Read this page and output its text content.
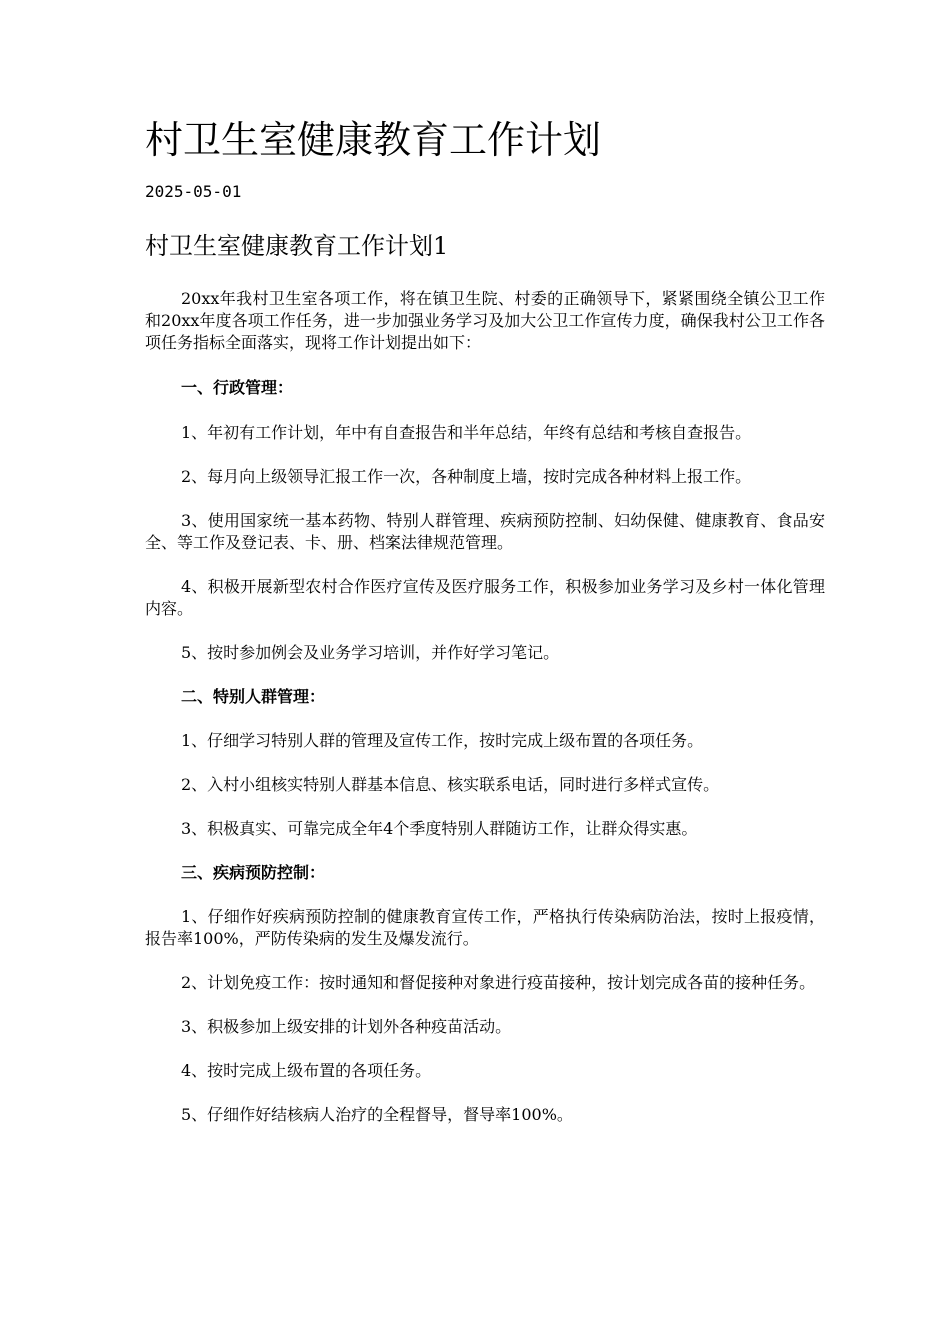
村卫生室健康教育工作计划
2025-05-01
村卫生室健康教育工作计划1

20xx年我村卫生室各项工作，将在镇卫生院、村委的正确领导下，紧紧围绕全镇公卫工作和20xx年度各项工作任务，进一步加强业务学习及加大公卫工作宣传力度，确保我村公卫工作各项任务指标全面落实，现将工作计划提出如下：

一、行政管理：

1、年初有工作计划，年中有自查报告和半年总结，年终有总结和考核自查报告。

2、每月向上级领导汇报工作一次，各种制度上墙，按时完成各种材料上报工作。

3、使用国家统一基本药物、特别人群管理、疾病预防控制、妇幼保健、健康教育、食品安全、等工作及登记表、卡、册、档案法律规范管理。

4、积极开展新型农村合作医疗宣传及医疗服务工作，积极参加业务学习及乡村一体化管理内容。

5、按时参加例会及业务学习培训，并作好学习笔记。

二、特别人群管理：

1、仔细学习特别人群的管理及宣传工作，按时完成上级布置的各项任务。

2、入村小组核实特别人群基本信息、核实联系电话，同时进行多样式宣传。

3、积极真实、可靠完成全年4个季度特别人群随访工作，让群众得实惠。

三、疾病预防控制：

1、仔细作好疾病预防控制的健康教育宣传工作，严格执行传染病防治法，按时上报疫情，报告率100%，严防传染病的发生及爆发流行。

2、计划免疫工作：按时通知和督促接种对象进行疫苗接种，按计划完成各苗的接种任务。

3、积极参加上级安排的计划外各种疫苗活动。

4、按时完成上级布置的各项任务。

5、仔细作好结核病人治疗的全程督导，督导率100%。
